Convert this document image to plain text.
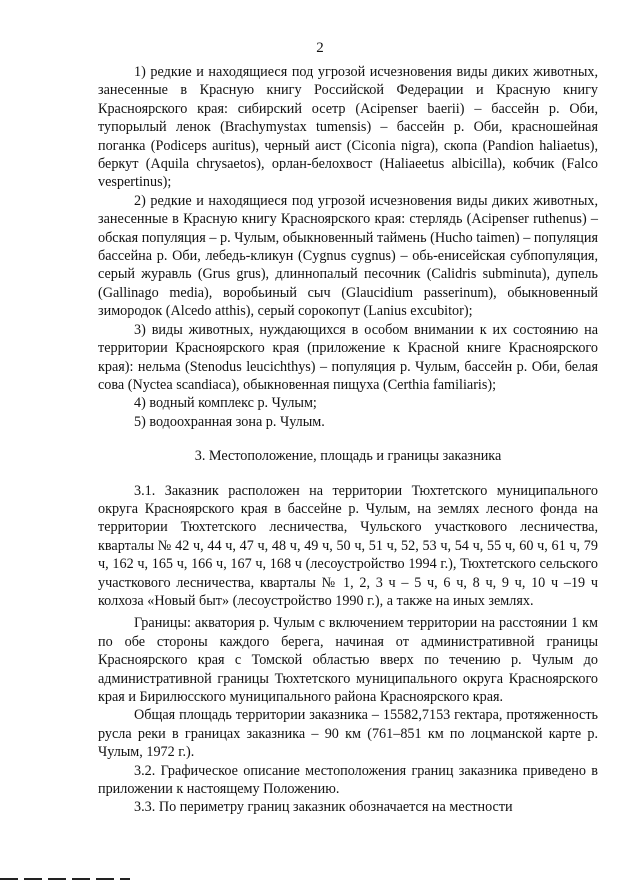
2

1) редкие и находящиеся под угрозой исчезновения виды диких животных, занесенные в Красную книгу Российской Федерации и Красную книгу Красноярского края: сибирский осетр (Acipenser baerii) – бассейн р. Оби, тупорылый ленок (Brachymystax tumensis) – бассейн р. Оби, красношейная поганка (Podiceps auritus), черный аист (Ciconia nigra), скопа (Pandion haliaetus), беркут (Aquila chrysaetos), орлан-белохвост (Haliaeetus albicilla), кобчик (Falco vespertinus);

2) редкие и находящиеся под угрозой исчезновения виды диких животных, занесенные в Красную книгу Красноярского края: стерлядь (Acipenser ruthenus) – обская популяция – р. Чулым, обыкновенный таймень (Hucho taimen) – популяция бассейна р. Оби, лебедь-кликун (Cygnus cygnus) – обь-енисейская субпопуляция, серый журавль (Grus grus), длиннопалый песочник (Calidris subminuta), дупель (Gallinago media), воробьиный сыч (Glaucidium passerinum), обыкновенный зимородок (Alcedo atthis), серый сорокопут (Lanius excubitor);

3) виды животных, нуждающихся в особом внимании к их состоянию на территории Красноярского края (приложение к Красной книге Красноярского края): нельма (Stenodus leucichthys) – популяция р. Чулым, бассейн р. Оби, белая сова (Nyctea scandiaca), обыкновенная пищуха (Certhia familiaris);

4) водный комплекс р. Чулым;

5) водоохранная зона р. Чулым.

3. Местоположение, площадь и границы заказника

3.1. Заказник расположен на территории Тюхтетского муниципального округа Красноярского края в бассейне р. Чулым, на землях лесного фонда на территории Тюхтетского лесничества, Чульского участкового лесничества, кварталы № 42 ч, 44 ч, 47 ч, 48 ч, 49 ч, 50 ч, 51 ч, 52, 53 ч, 54 ч, 55 ч, 60 ч, 61 ч, 79 ч, 162 ч, 165 ч, 166 ч, 167 ч, 168 ч (лесоустройство 1994 г.), Тюхтетского сельского участкового лесничества, кварталы № 1, 2, 3 ч – 5 ч, 6 ч, 8 ч, 9 ч, 10 ч –19 ч колхоза «Новый быт» (лесоустройство 1990 г.), а также на иных землях.

Границы: акватория р. Чулым с включением территории на расстоянии 1 км по обе стороны каждого берега, начиная от административной границы Красноярского края с Томской областью вверх по течению р. Чулым до административной границы Тюхтетского муниципального округа Красноярского края и Бирилюсского муниципального района Красноярского края.

Общая площадь территории заказника – 15582,7153 гектара, протяженность русла реки в границах заказника – 90 км (761–851 км по лоцманской карте р. Чулым, 1972 г.).

3.2. Графическое описание местоположения границ заказника приведено в приложении к настоящему Положению.

3.3. По периметру границ заказник обозначается на местности
